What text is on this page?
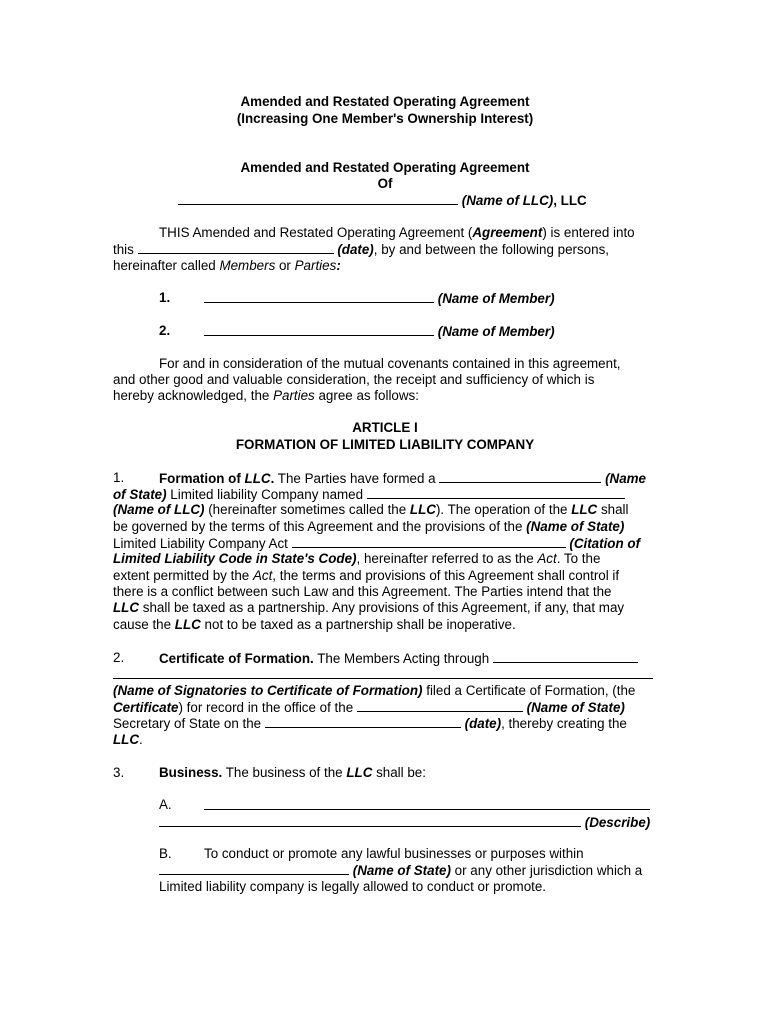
Amended and Restated Operating Agreement
(Increasing One Member's Ownership Interest)
Amended and Restated Operating Agreement
Of
(Name of LLC), LLC
THIS Amended and Restated Operating Agreement (Agreement) is entered into
this	(date), by and between the following persons,
hereinafter called Members or Parties:
1.	(Name of Member)
2.	(Name of Member)
For and in consideration of the mutual covenants contained in this agreement,
and other good and valuable consideration, the receipt and sufficiency of which is
hereby acknowledged, the Parties agree as follows:
ARTICLE I
FORMATION OF LIMITED LIABILITY COMPANY
1.	Formation of LLC. The Parties have formed a	(Name
of State) Limited liability Company named
(Name of LLC) (hereinafter sometimes called the LLC). The operation of the LLC shall
be governed by the terms of this Agreement and the provisions of the (Name of State)
Limited Liability Company Act	(Citation of
Limited Liability Code in State's Code), hereinafter referred to as the Act. To the
extent permitted by the Act, the terms and provisions of this Agreement shall control if
there is a conflict between such Law and this Agreement. The Parties intend that the
LLC shall be taxed as a partnership. Any provisions of this Agreement, if any, that may
cause the LLC not to be taxed as a partnership shall be inoperative.
2.	Certificate of Formation. The Members Acting through
(Name of Signatories to Certificate of Formation) filed a Certificate of Formation, (the
Certificate) for record in the office of the	(Name of State)
Secretary of State on the	(date), thereby creating the
LLC.
3.	Business. The business of the LLC shall be:
A.
(Describe)
B. To conduct or promote any lawful businesses or purposes within
(Name of State) or any other jurisdiction which a
Limited liability company is legally allowed to conduct or promote.
